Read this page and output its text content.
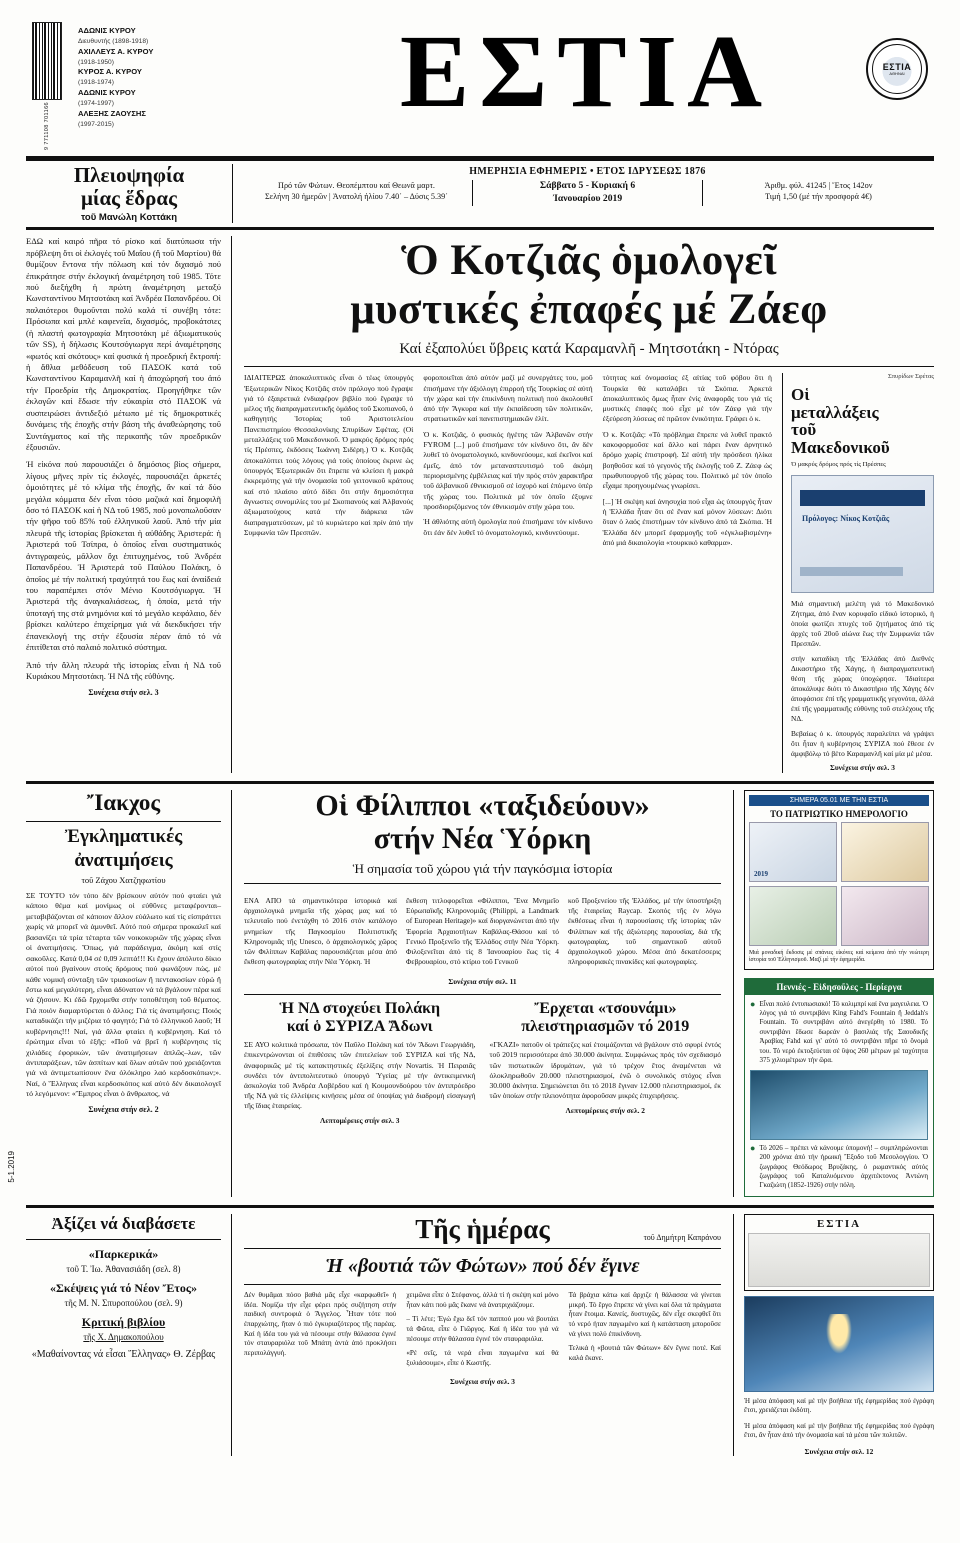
9 771108 701166
ΑΔΩΝΙΣ ΚΥΡΟΥ
Διευθυντής (1898-1918)
ΑΧΙΛΛΕΥΣ Α. ΚΥΡΟΥ
(1918-1950)
ΚΥΡΟΣ Α. ΚΥΡΟΥ
(1918-1974)
ΑΔΩΝΙΣ ΚΥΡΟΥ
(1974-1997)
ΑΛΕΞΗΣ ΖΑΟΥΣΗΣ
(1997-2015)	ΕΣΤΙΑ	ΕΣΤΙΑ
ΑΘΗΝΑΙ
Πλειοψηφία
μίας ἕδρας
τοῦ Μανώλη Κοττάκη
ΗΜΕΡΗΣΙΑ ΕΦΗΜΕΡΙΣ • ΕΤΟΣ ΙΔΡΥΣΕΩΣ 1876
Πρό τῶν Φώτων. Θεοπέμπτου καί Θεωνᾶ μαρτ.
Σελήνη 30 ἡμερῶν | Ἀνατολή ἡλίου 7.40΄ – Δύσις 5.39΄
Σάββατο 5 - Κυριακή 6
Ἰανουαρίου 2019
Ἀριθμ. φύλ. 41245 | Ἔτος 142ον
Τιμή 1,50 (μέ τήν προσφορά 4€)

ΕΔΩ καί καιρό πῆρα τό ρίσκο καί διατύπωσα τήν πρόβλεψη ὅτι οἱ ἐκλογές τοῦ Μαΐου (ἤ τοῦ Μαρτίου) θά θυμίζουν ἔντονα τήν πόλωση καί τόν διχασμό πού ἐπικράτησε στήν ἐκλογική ἀναμέτρηση τοῦ 1985. Τότε πού διεξήχθη ἡ πρώτη ἀναμέτρηση μεταξύ Κωνσταντίνου Μητσοτάκη καί Ἀνδρέα Παπανδρέου. Οἱ παλαιότεροι θυμοῦνται πολύ καλά τί συνέβη τότε: Πρόσωπα καί μπλέ καφενεῖα, διχασμός, προβοκάτσιες (ἡ πλαστή φωτογραφία Μητσοτάκη μέ ἀξιωματικούς τῶν SS), ἡ δήλωσις Κουτσόγιωργα περί ἀναμέτρησης «φωτός καί σκότους» καί φυσικά ἡ προεδρική ἔκτροπή: ἡ ἄθλια μεθόδευση τοῦ ΠΑΣΟΚ κατά τοῦ Κωνσταντίνου Καραμανλῆ καί ἡ ἀποχώρησή του ἀπό τήν Προεδρία τῆς Δημοκρατίας. Προηγήθηκε τῶν ἐκλογῶν καί ἕδωσε τήν εὐκαιρία στό ΠΑΣΟΚ νά συσπειρώσει ἀντιδεξιό μέτωπο μέ τίς δημοκρατικές δυνάμεις τῆς ἐποχῆς στήν βάση τῆς ἀναθεώρησης τοῦ Συντάγματος καί τῆς περικοπῆς τῶν προεδρικῶν ἐξουσιῶν.

Ἡ εἰκόνα πού παρουσιάζει ὁ δημόσιος βίος σήμερα, λίγους μῆνες πρίν τίς ἐκλογές, παρουσιάζει ἀρκετές ὁμοιότητες μέ τό κλίμα τῆς ἐποχῆς, ἄν καί τά δύο μεγάλα κόμματα δέν εἶναι τόσο μαζικά καί δημοφιλῆ ὅσο τό ΠΑΣΟΚ καί ἡ ΝΔ τοῦ 1985, πού μονοπωλοῦσαν τήν ψῆφο τοῦ 85% τοῦ ἐλληνικοῦ λαοῦ. Ἀπό τήν μία πλευρά τῆς ἱστορίας βρίσκεται ἡ αὐθάδης Ἀριστερά: ἡ Ἀριστερά τοῦ Τσίπρα, ὁ ὁποῖος εἶναι συστηματικός ἀντιγραφεύς, μᾶλλον ὄχι ἐπιτυχημένος, τοῦ Ἀνδρέα Παπανδρέου. Ἡ Ἀριστερά τοῦ Παύλου Πολάκη, ὁ ὁποῖος μέ τήν πολιτική τραχύτητά του ἕως καί ἀναίδειά του παραπέμπει στόν Μένιο Κουτσόγιωργα. Ἡ Ἀριστερά τῆς ἀναγκαλιάσεως, ἡ ὁποία, μετά τήν ὑποταγή της στά μνημόνια καί τό μεγάλο κεφάλαιο, δέν βρίσκει καλύτερο ἐπιχείρημα γιά νά διεκδικήσει τήν ἐπανεκλογή της στήν ἐξουσία πέραν ἀπό τό νά ἐπιτίθεται στό παλαιό πολιτικό σύστημα.

Ἀπό τήν ἄλλη πλευρά τῆς ἱστορίας εἶναι ἡ ΝΔ τοῦ Κυριάκου Μητσοτάκη. Ἡ ΝΔ τῆς εὐθύνης.

Συνέχεια στήν σελ. 3
Ὁ Κοτζιᾶς ὁμολογεῖ
μυστικές ἐπαφές μέ Ζάεφ
Καί ἐξαπολύει ὕβρεις κατά Καραμανλῆ - Μητσοτάκη - Ντόρας

ΙΔΙΑΙΤΕΡΩΣ ἀποκαλυπτικός εἶναι ὁ τέως ὑπουργός Ἐξωτερικῶν Νίκος Κοτζιᾶς στόν πρόλογο πού ἔγραψε γιά τό ἐξαιρετικά ἐνδιαφέρον βιβλίο πού ἔγραψε τό μέλος τῆς διαπραγματευτικῆς ὁμάδος τοῦ Σκοπιανοῦ, ὁ καθηγητής Ἱστορίας τοῦ Ἀριστοτελείου Πανεπιστημίου Θεσσαλονίκης Σπυρίδων Σφέτας. (Οἱ μεταλλάξεις τοῦ Μακεδονικοῦ. Ὁ μακρύς δρόμος πρός τίς Πρέσπες, ἐκδόσεις Ἰωάννη Σιδέρη.) Ὁ κ. Κοτζιᾶς ἀποκαλύπτει τούς λόγους γιά τούς ὁποίους ἐκρινε ὡς ὑπουργός Ἐξωτερικῶν ὅτι ἔπρεπε νά κλείσει ἡ μακρά ἐκκρεμότης γιά τήν ὀνομασία τοῦ γειτονικοῦ κράτους καί στό πλαίσιο αὐτό δίδει ὅτι στήν δημοσιότητα ἄγνωστες συνομιλίες του μέ Σκοπιανούς καί Ἀλβανούς ἀξιωματούχους κατά τήν διάρκεια τῶν διαπραγματεύσεων, μέ τό κυριώτερο καί πρίν ἀπό τήν Συμφωνία τῶν Πρεσπῶν.

φοροποιεῖται ἀπό αὐτόν μαζί μέ συνεργάτες του, μοῦ ἐπισήμανε τήν ἀξιόλογη ἐπιρροή τῆς Τουρκίας σέ αὐτή τήν χώρα καί τήν ἐπικίνδυνη πολιτική πού ἀκολουθεῖ ἀπό τήν Ἄγκυρα καί τήν ἐκπαίδευση τῶν πολιτικῶν, στρατιωτικῶν καί πανεπιστημιακῶν ἑλίτ.

Ὁ κ. Κοτζιᾶς, ὁ φυσικός ἡγέτης τῶν Ἀλβανῶν στήν FYROM [...] μοῦ ἐπισήμανε τόν κίνδυνο ὅτι, ἄν δέν λυθεῖ τό ὀνοματολογικό, κινδυνεύουμε, καί ἐκεῖνοι καί ἐμεῖς, ἀπό τόν μεταναστευτισμό τοῦ ἀκόμη περιορισμένης ἐμβέλειας καί τήν πρός στόν χαρακτῆρα τοῦ ἀλβανικοῦ ἐθνικισμοῦ σέ ἰσχυρό καί ἑπόμενο ὑπέρ τῆς χώρας του. Πολιτικά μέ τόν ὁποῖο ἐξυμνε προσδιοριζόμενος τόν ἐθνικισμόν στήν χώρα του.

Ἡ ἀθλιότης αὐτή ὁμολογία πού ἐπισήμανε τόν κίνδυνο ὅτι ἐάν δέν λυθεῖ τό ὀνοματολογικό, κινδυνεύουμε.

τότητας καί ὀνομασίας ἐξ αἰτίας τοῦ φόβου ὅτι ἡ Τουρκία θά καταλάβει τά Σκόπια. Ἀρκετά ἀποκαλυπτικός ὅμως ἦταν ἐνίς ἀναφορᾶς του γιά τίς μυστικές ἐπαφές πού εἶχε μέ τόν Ζάεφ γιά τήν ἐξεύρεση λύσεως σέ πρῶτον ἐνικότητα. Γράφει ὁ κ.

Ὁ κ. Κοτζιᾶς: «Τό πρόβλημα ἔπρεπε νά λυθεῖ πρακτό κακοφορμοῦσε καί ἄλλο καί πάρει ἔναν ἀρνητικό δρόμο χωρίς ἐπιστροφή. Σέ αὐτή τήν πρόσδεσι ἡλίκα βοηθοῦσε καί τό γεγονός τῆς ἐκλογῆς τοῦ Ζ. Ζάεφ ὡς πρωθυπουργοῦ τῆς χώρας του. Πολιτικό μέ τόν ὁποῖο εἶχαμε προηγουμένως γνωρίσει.

[...] Ἡ σκέψη καί ἀνησυχία πού εἶχα ὡς ὑπουργός ἦταν ἡ Ἑλλάδα ἦταν ὅτι σέ ἕναν καί μόνον λύσεων: Διότι ὅταν ὁ λαός ἐπιστήμων τόν κίνδυνο ἀπό τά Σκόπια. Ἡ Ἑλλάδα δέν μπορεῖ ἐφαρμογῆς τοῦ «ἐγκλωβισμένη» ἀπό μιά δικαιολογία «τουρκικό καθαρμα».

Σπυρίδων Σφέτας
Οἱ
μεταλλάξεις
τοῦ
Μακεδονικοῦ
Ὁ μακρύς δρόμος πρός τίς Πρέσπες
Πρόλογος: Νίκος Κοτζιᾶς
Μιά σημαντική μελέτη γιά τό Μακεδονικό Ζήτημα, ἀπό ἕναν κορυφαῖο εἰδικό ἱστορικό, ἡ ὁποία φωτίζει πτυχές τοῦ ζητήματος ἀπό τίς ἀρχές τοῦ 20οῦ αἰώνα ἕως τήν Συμφωνία τῶν Πρεσπῶν.
στήν καταδίκη τῆς Ἑλλάδας ἀπό Διεθνές Δικαστήριο τῆς Χάγης, ἡ διαπραγματευτική θέση τῆς χώρας ὑποχώρησε. Ἰδιαίτερα ἀποκάλυψε διότι τό Δικαστήριο τῆς Χάγης δέν ἀποφάσισε ἐπί τῆς γραμματικῆς γεγονότα, ἀλλά ἐπί τῆς γραμματικῆς εὐθύνης τοῦ στελέχους τῆς ΝΔ.
Βεβαίως ὁ κ. ὑπουργός παραλείπει νά γράψει ὅτι ἦταν ἡ κυβέρνησις ΣΥΡΙΖΑ πού ἔθεσε ἐν ἀμφιβόλῳ τό βέτο Καραμανλῆ καί μία μέ μέσα.
Συνέχεια στήν σελ. 3
Ἴακχος
Ἐγκληματικές
ἀνατιμήσεις
τοῦ Ζάχου Χατζηφωτίου

ΣΕ ΤΟΥΤΟ τόν τόπο δέν βρίσκουν αὐτόν πού φταίει γιά κάποιο θέμα καί μονίμως οἱ εὐθῦνες μεταφέρονται–μεταβιβάζονται σέ κάποιον ἄλλον εὐάλωτο καί τίς εἰσπράττει χωρίς νά μπορεῖ νά ἀμυνθεῖ. Αὐτό πού σήμερα προκαλεῖ καί βασανίζει τά τρία τέταρτα τῶν νοικοκυριῶν τῆς χώρας εἶναι οἱ ἀνατιμήσεις. Ὅπως, γιά παράδειγμα, ἀκόμη καί στίς σακοῦλες. Κατά 0,04 σέ 0,09 λεπτά!!! Κι ἔχουν ἀπόλυτο δίκιο αὐτοί πού βγαίνουν στούς δρόμους πού φωνάζουν πώς, μέ κάθε νομική σύνταξη τῶν τριακοσίων ἤ πεντακοσίων εὐρώ ἤ ἔστω καί μεγαλύτερη, εἶναι ἀδύνατον νά τά βγάλουν πέρα καί νά ζήσουν. Κι ἐδῶ ἔρχομεθα στήν τοποθέτηση τοῦ θέματος. Γιά ποιόν διαμαρτύρεται ὁ ἄλλος; Γιά τίς ἀνατιμήσεις; Ποιός καταδικάζει τήν μιζέρια τό φαγητό; Γιά τό ἐλληνικοῦ λαοῦ; Ἡ κυβέρνησις!!! Ναί, γιά ἄλλα φταίει ἡ κυβέρνηση. Καί τό ἐρώτημα εἶναι τό ἑξῆς: «Ποῦ νά βρεῖ ἡ κυβέρνησις τίς χιλιάδες ἐφορικών, τῶν ἀνατιμήσεων ἁπλῶς–λων, τῶν ἀντιπαράξεων, τῶν ἀσπίτων καί ὅλων αὐτῶν πού χρειάζονται γιά νά ἀντιμετωπίσουν ἕνα ὁλόκληρο λαό κερδοσκόπων;». Ναί, ὁ Ἕλληνας εἶναι κερδοσκόπος καί αὐτό δέν δικαιολογεῖ τό λεγόμενον: «Ἔμπρος εἶναι ὁ ἄνθρωπος, νά

Συνέχεια στήν σελ. 2
Οἱ Φίλιπποι «ταξιδεύουν»
στήν Νέα Ὑόρκη
Ἡ σημασία τοῦ χώρου γιά τήν παγκόσμια ἱστορία

ΕΝΑ ΑΠΟ τά σημαντικότερα ἱστορικά καί ἀρχαιολογικά μνημεῖα τῆς χώρας μας καί τό τελευταῖο πού ἐνετάχθη τό 2016 στόν κατάλογο μνημείων τῆς Παγκοσμίου Πολιτιστικῆς Κληρονομιᾶς τῆς Unesco, ὁ ἀρχαιολογικός χῶρος τῶν Φιλίππων Καβάλας παρουσιάζεται μέσα ἀπό ἔκθεση φωτογραφίας στήν Νέα Ὑόρκη. Ἡ

ἔκθεση τιτλοφορεῖται «Φίλιπποι, Ἕνα Μνημεῖο Εὐρωπαϊκῆς Κληρονομιᾶς (Philippi, a Landmark of European Heritage)» καί διοργανώνεται ἀπό τήν Ἑφορεία Ἀρχαιοτήτων Καβάλας-Θάσου καί τό Γενικό Προξενεῖο τῆς Ἑλλάδος στήν Νέα Ὑόρκη. Φιλοξενεῖται ἀπό τίς 8 Ἰανουαρίου ἕως τίς 4 Φεβρουαρίου, στό κτίριο τοῦ Γενικοῦ

κοῦ Προξενείου τῆς Ἑλλάδος, μέ τήν ὑποστήριξη τῆς ἑταιρείας Raycap. Σκοπός τῆς ἐν λόγω ἐκθέσεως εἶναι ἡ παρουσίασις τῆς ἱστορίας τῶν Φιλίππων καί τῆς ἀξιώτερης παρουσίας, διά τῆς φωτογραφίας, τοῦ σημαντικοῦ αὐτοῦ ἀρχαιολογικοῦ χώρου. Μέσα ἀπό δεκατέσσερις πληροφοριακές πινακίδες καί φωτογραφίες.

Συνέχεια στήν σελ. 11
Ἡ ΝΔ στοχεύει Πολάκη
καί ὁ ΣΥΡΙΖΑ Ἄδωνι

ΣΕ ΑΥΟ κολιτικά πρόσωπα, τόν Παῦλο Πολάκη καί τόν Ἄδωνι Γεωργιάδη, ἐπικεντρώνονται οἱ ἐπιθέσεις τῶν ἐπιτελείων τοῦ ΣΥΡΙΖΑ καί τῆς ΝΔ, ἀναφορικῶς μέ τίς κατακτηστικές ἐξελίξεις στήν Novartis. Ἡ Πειραιᾶς συνδέει τόν ἀντιπολιτευτικό ὑπουργό Ὑγείας μέ τήν ἀντικειμενική ἀσκολογία τοῦ Ἀνδρέα Λοβέρδου καί ἡ Κουμουνδούρου τόν ἀντιπρόεδρο τῆς ΝΔ γιά τίς ἐλλείψεις κινήσεις μέσα σέ ὑποψίας γιά διαδρομή εἰσαγωγή τῆς ἴδιας ἑταιρείας.

Λεπτομέρειες στήν σελ. 3
Ἔρχεται «τσουνάμι»
πλειστηριασμῶν τό 2019

«ΓΚΑΖΙ» πατοῦν οἱ τράπεζες καί ἑτοιμάζονται νά βγάλουν στό σφυρί ἐντός τοῦ 2019 περισσότερα ἀπό 30.000 ἀκίνητα. Συμφώνως πρός τόν σχεδιασμό τῶν πιστωτικῶν ἱδρυμάτων, γιά τό τρέχον ἔτος ἀναμένεται νά ὁλοκληρωθοῦν 20.000 πλειστηριασμοί, ἐνῶ ὁ συνολικός στόχος εἶναι 30.000 ἀκίνητα. Σημειώνεται ὅτι τό 2018 ἔγιναν 12.000 πλειστηριασμοί, ἐκ τῶν ὁποίων στήν πλειονότητα ἀφοροῦσαν μικρές ἐπιχειρήσεις.

Λεπτομέρειες στήν σελ. 2
ΣΗΜΕΡΑ 05.01 ΜΕ ΤΗΝ ΕΣΤΙΑ
ΤΟ ΠΑΤΡΙΩΤΙΚΟ ΗΜΕΡΟΛΟΓΙΟ
2019
Μιά μοναδική ἔκδοσις μέ σπάνιες εἰκόνες καί κείμενα ἀπό τήν νεώτερη ἱστορία τοῦ Ἑλληνισμοῦ. Μαζί μέ τήν ἐφημερίδα.
Πεννιές - Εἰδησοῦλες - Περίεργα
● Εἶναι πολύ ἐντυπωσιακό! Τό κολιμπρί καί ἕνα μαγευλεια. Ὁ λόγος γιά τό συντριβάνι King Fahd's Fountain ἤ Jeddah's Fountain. Τό συντριβάνι αὐτό ἀνεγέρθη τό 1980. Τό συντριβάνι ἔδωσε δωρεάν ὁ βασιλιάς τῆς Σαουδικῆς Ἀραβίας Fahd καί γι' αὐτό τό συντριβάνι πῆρε τό ὄνομά του. Τό νερό ἐκτοξεύεται σέ ὕψος 260 μέτρων μέ ταχύτητα 375 χιλιομέτρων τήν ὥρα.
● Τό 2026 – πρέπει νά κάνουμε ὑπομονή! – συμπληρώνονται 200 χρόνια ἀπό τήν ἡρωική Ἔξοδο τοῦ Μεσολογγίου. Ὁ ζωγράφος Θεόδωρος Βρυζάκης, ὁ ρωμαντικός αὐτός ζωγράφος τοῦ Καταλυόμενου ἀρχιτέκτονος Ἀντώνη Γκαζιώτη (1852-1926) στήν πόλη.
Ἀξίζει νά διαβάσετε
«Παρκερικά»
τοῦ Τ. Ἰω. Ἀθανασιάδη (σελ. 8)
«Σκέψεις γιά τό Νέον Ἔτος»
τῆς Μ. Ν. Σπυροπούλου (σελ. 9)
Κριτική βιβλίου
τῆς Χ. Δημακοπούλου
«Μαθαίνοντας νά εἶσαι Ἕλληνας» Θ. Ζέρβας
Τῆς ἡμέρας	τοῦ Δημήτρη Καπράνου
Ἡ «βουτιά τῶν Φώτων» πού δέν ἔγινε

Δέν θυμᾶμαι πόσο βαθιά μᾶς εἶχε «καρφωθεῖ» ἡ ἰδέα. Νομίζω τήν εἶχε φέρει πρός συζήτηση στήν παιδική συντροφιά ὁ Ἄγγελος. Ἦταν τότε πού ἐπαρχιώτης, ἤταν ὁ πιό ἐγκυριαζότερος τῆς παρέας. Καί ἡ ἰδέα του γιά νά πέσουμε στήν θάλασσα ἐγινέ τόν σταυραριόλα τοῦ Μπάτη ἀντά ἀπό προκλήσει περιπολάγγυή.

χειμῶνα εἶπε ὁ Στέφανος, ἀλλά τί ἡ σκέψη καί μόνο ἦταν κάτι πού μᾶς ἔκανε νά ἀνατριχιάζουμε.

– Τί λέτε; Ἐγώ ἔχω δεῖ τόν παππού μου νά βουτάει τά Φῶτα, εἶπε ὁ Γιῶργος. Καί ἡ ἰδέα του γιά νά πέσουμε στήν θάλασσα ἐγινέ τόν σταυραριόλα.

«Ρέ σεῖς, τά νερά εἶναι παγωμένα καί θά ξυλιάσουμε», εἶπε ὁ Κωστῆς.

Τά βράχια κάτω καί ἄρχιζε ἡ θάλασσα νά γίνεται μικρή. Τό ἔργο ἔπρεπε νά γίνει καί ὅλα τά πράγματα ἦταν ἕτοιμα. Κανείς, δυστυχῶς, δέν εἶχε σκεφθεῖ ὅτι τό νερό ἠταν παγωμένο καί ἡ κατάσταση μποροῦσε νά γίνει πολύ ἐπικίνδυνη.

Τελικά ἡ «βουτιά τῶν Φώτων» δέν ἔγινε ποτέ. Καί καλά ἔκανε.

Συνέχεια στήν σελ. 3
ΕΣΤΙΑ

Ἡ μέσα ἀπόφαση καί μέ τήν βοήθεια τῆς ἐφημερίδας πού ἐγράφη ἔτσι, χρειάζεται ἐκδότη.

Ἡ μέσα ἀπόφαση καί μέ τήν βοήθεια τῆς ἐφημερίδας πού ἐγράφη ἔτσι, ἄν ἦταν ἀπό τήν ὀνομασία καί τά μέσα τῶν πολιτῶν.

Συνέχεια στήν σελ. 12
5-1.2019
